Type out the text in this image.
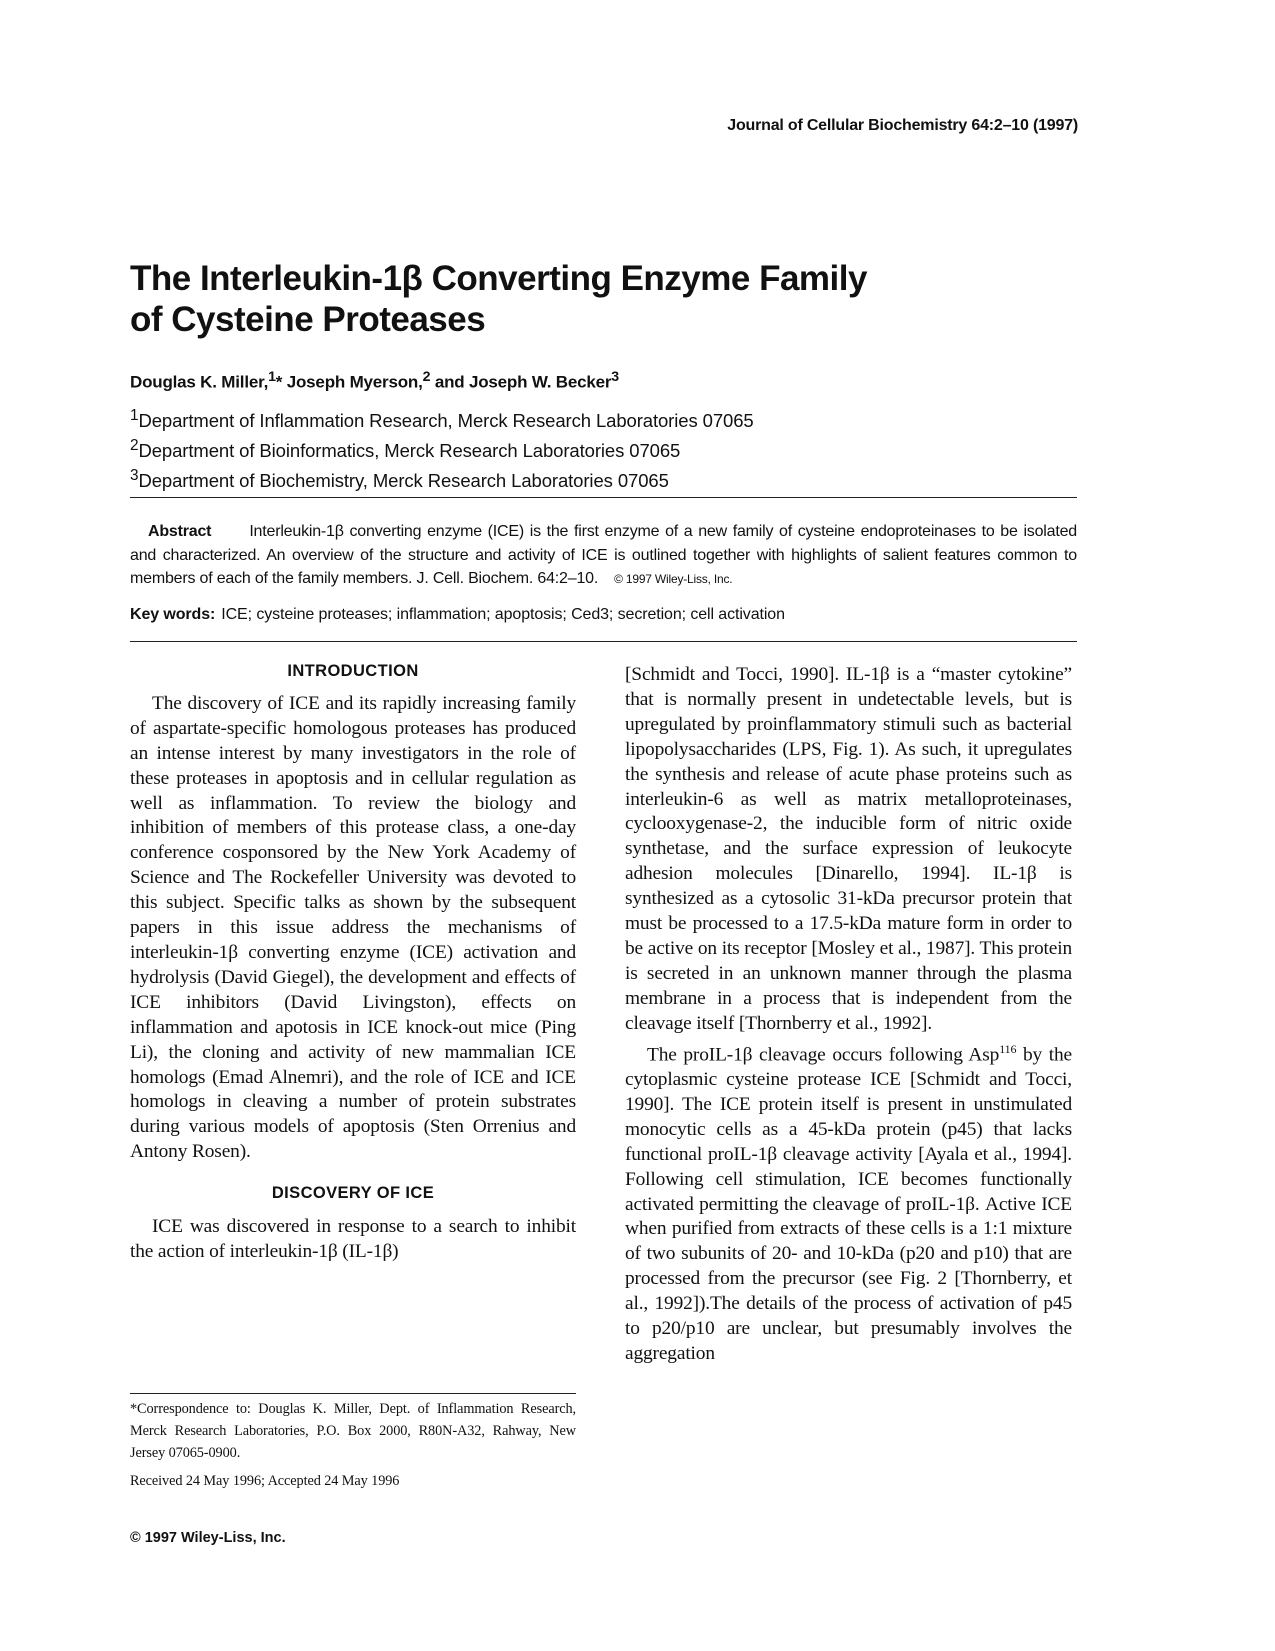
Journal of Cellular Biochemistry 64:2–10 (1997)
The Interleukin-1β Converting Enzyme Family
of Cysteine Proteases
Douglas K. Miller,$^1$* Joseph Myerson,$^2$ and Joseph W. Becker$^3$
$^1$Department of Inflammation Research, Merck Research Laboratories 07065
$^2$Department of Bioinformatics, Merck Research Laboratories 07065
$^3$Department of Biochemistry, Merck Research Laboratories 07065
Abstract Interleukin-1β converting enzyme (ICE) is the first enzyme of a new family of cysteine endoproteinases to be isolated and characterized. An overview of the structure and activity of ICE is outlined together with highlights of salient features common to members of each of the family members. J. Cell. Biochem. 64:2–10. © 1997 Wiley-Liss, Inc.
Key words: ICE; cysteine proteases; inflammation; apoptosis; Ced3; secretion; cell activation
INTRODUCTION

The discovery of ICE and its rapidly increasing family of aspartate-specific homologous proteases has produced an intense interest by many investigators in the role of these proteases in apoptosis and in cellular regulation as well as inflammation. To review the biology and inhibition of members of this protease class, a one-day conference cosponsored by the New York Academy of Science and The Rockefeller University was devoted to this subject. Specific talks as shown by the subsequent papers in this issue address the mechanisms of interleukin-1β converting enzyme (ICE) activation and hydrolysis (David Giegel), the development and effects of ICE inhibitors (David Livingston), effects on inflammation and apotosis in ICE knock-out mice (Ping Li), the cloning and activity of new mammalian ICE homologs (Emad Alnemri), and the role of ICE and ICE homologs in cleaving a number of protein substrates during various models of apoptosis (Sten Orrenius and Antony Rosen).

DISCOVERY OF ICE

ICE was discovered in response to a search to inhibit the action of interleukin-1β (IL-1β)

*Correspondence to: Douglas K. Miller, Dept. of Inflammation Research, Merck Research Laboratories, P.O. Box 2000, R80N-A32, Rahway, New Jersey 07065-0900.
Received 24 May 1996; Accepted 24 May 1996

[Schmidt and Tocci, 1990]. IL-1β is a “master cytokine” that is normally present in undetectable levels, but is upregulated by proinflammatory stimuli such as bacterial lipopolysaccharides (LPS, Fig. 1). As such, it upregulates the synthesis and release of acute phase proteins such as interleukin-6 as well as matrix metalloproteinases, cyclooxygenase-2, the inducible form of nitric oxide synthetase, and the surface expression of leukocyte adhesion molecules [Dinarello, 1994]. IL-1β is synthesized as a cytosolic 31-kDa precursor protein that must be processed to a 17.5-kDa mature form in order to be active on its receptor [Mosley et al., 1987]. This protein is secreted in an unknown manner through the plasma membrane in a process that is independent from the cleavage itself [Thornberry et al., 1992].

The proIL-1β cleavage occurs following Asp$^{116}$ by the cytoplasmic cysteine protease ICE [Schmidt and Tocci, 1990]. The ICE protein itself is present in unstimulated monocytic cells as a 45-kDa protein (p45) that lacks functional proIL-1β cleavage activity [Ayala et al., 1994]. Following cell stimulation, ICE becomes functionally activated permitting the cleavage of proIL-1β. Active ICE when purified from extracts of these cells is a 1:1 mixture of two subunits of 20- and 10-kDa (p20 and p10) that are processed from the precursor (see Fig. 2 [Thornberry, et al., 1992]).The details of the process of activation of p45 to p20/p10 are unclear, but presumably involves the aggregation

© 1997 Wiley-Liss, Inc.
